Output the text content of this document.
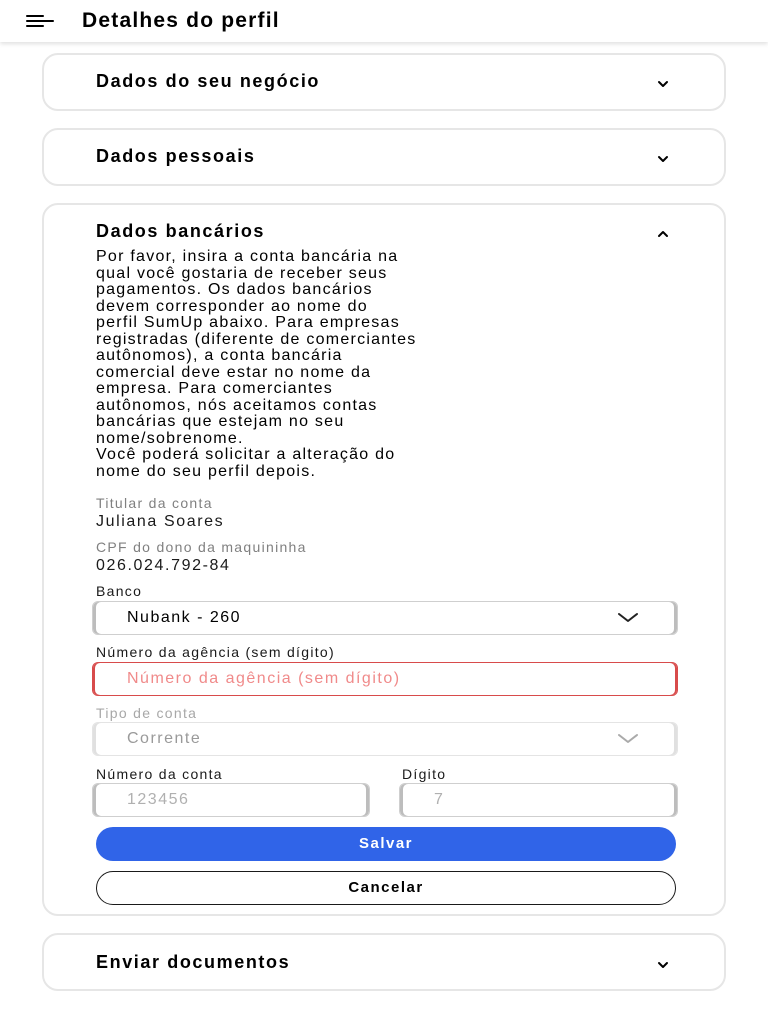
Detalhes do perfil
Dados do seu negócio
Dados pessoais
Dados bancários

Por favor, insira a conta bancária na

qual você gostaria de receber seus

pagamentos. Os dados bancários

devem corresponder ao nome do

perfil SumUp abaixo. Para empresas

registradas (diferente de comerciantes

autônomos), a conta bancária

comercial deve estar no nome da

empresa. Para comerciantes

autônomos, nós aceitamos contas

bancárias que estejam no seu

nome/sobrenome.

Você poderá solicitar a alteração do

nome do seu perfil depois.

Titular da conta
Juliana Soares
CPF do dono da maquininha
026.024.792-84
Banco
Nubank - 260
Número da agência (sem dígito)
Número da agência (sem dígito)
Tipo de conta
Corrente
Número da conta
123456
Dígito
7
Salvar
Cancelar
Enviar documentos
